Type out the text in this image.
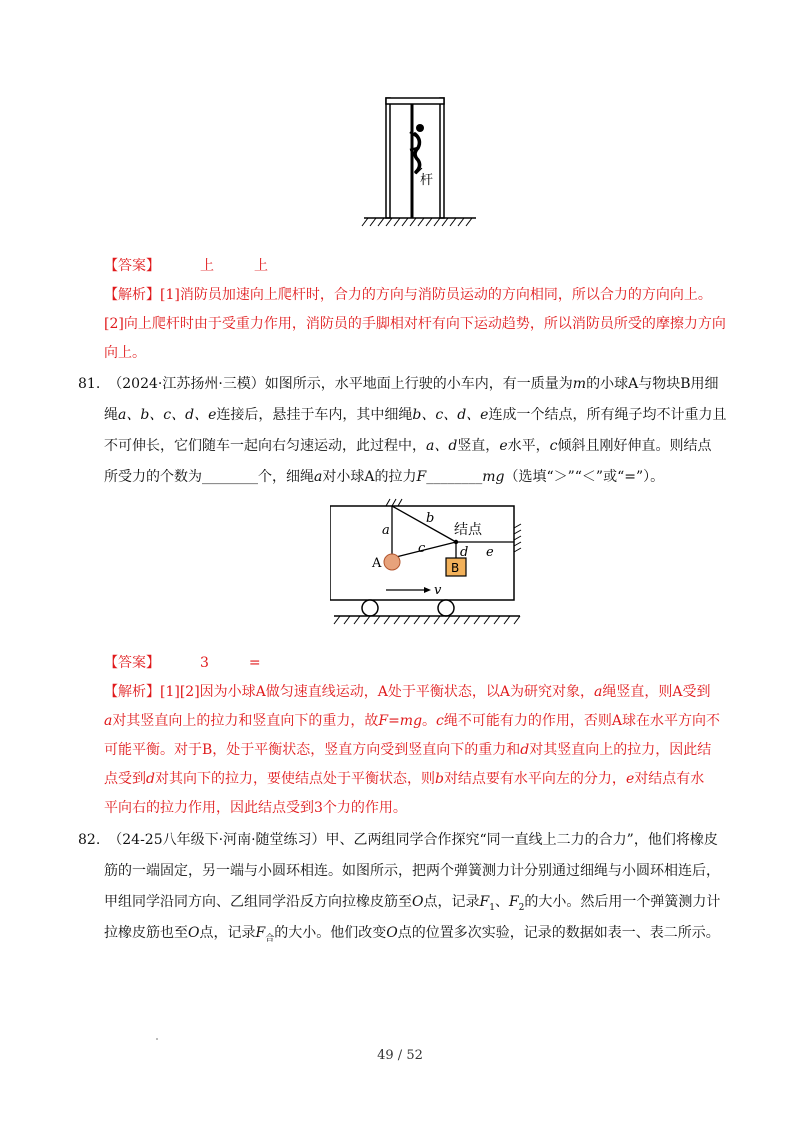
杆
【答案】	上	上
【解析】[1]消防员加速向上爬杆时，合力的方向与消防员运动的方向相同，所以合力的方向向上。
[2]向上爬杆时由于受重力作用，消防员的手脚相对杆有向下运动趋势，所以消防员所受的摩擦力方向
向上。
81. （2024·江苏扬州·三模）如图所示，水平地面上行驶的小车内，有一质量为m的小球A与物块B用细
绳a、b、c、d、e连接后，悬挂于车内，其中细绳b、c、d、e连成一个结点，所有绳子均不计重力且
不可伸长，它们随车一起向右匀速运动，此过程中，a、d竖直，e水平，c倾斜且刚好伸直。则结点
所受力的个数为________个，细绳a对小球A的拉力F________mg（选填“＞”“＜”或“=”）。
a
b
c	d e
结点
A	B
v
【答案】	3	=
【解析】[1][2]因为小球A做匀速直线运动，A处于平衡状态，以A为研究对象，a绳竖直，则A受到
a对其竖直向上的拉力和竖直向下的重力，故F=mg。c绳不可能有力的作用，否则A球在水平方向不
可能平衡。对于B，处于平衡状态，竖直方向受到竖直向下的重力和d对其竖直向上的拉力，因此结
点受到d对其向下的拉力，要使结点处于平衡状态，则b对结点要有水平向左的分力，e对结点有水
平向右的拉力作用，因此结点受到3个力的作用。
82. （24-25八年级下·河南·随堂练习）甲、乙两组同学合作探究“同一直线上二力的合力”，他们将橡皮
筋的一端固定，另一端与小圆环相连。如图所示，把两个弹簧测力计分别通过细绳与小圆环相连后，
甲组同学沿同方向、乙组同学沿反方向拉橡皮筋至O点，记录$F_1$、$F_2$的大小。然后用一个弹簧测力计
拉橡皮筋也至O点，记录$F_合$的大小。他们改变O点的位置多次实验，记录的数据如表一、表二所示。
49 / 52
